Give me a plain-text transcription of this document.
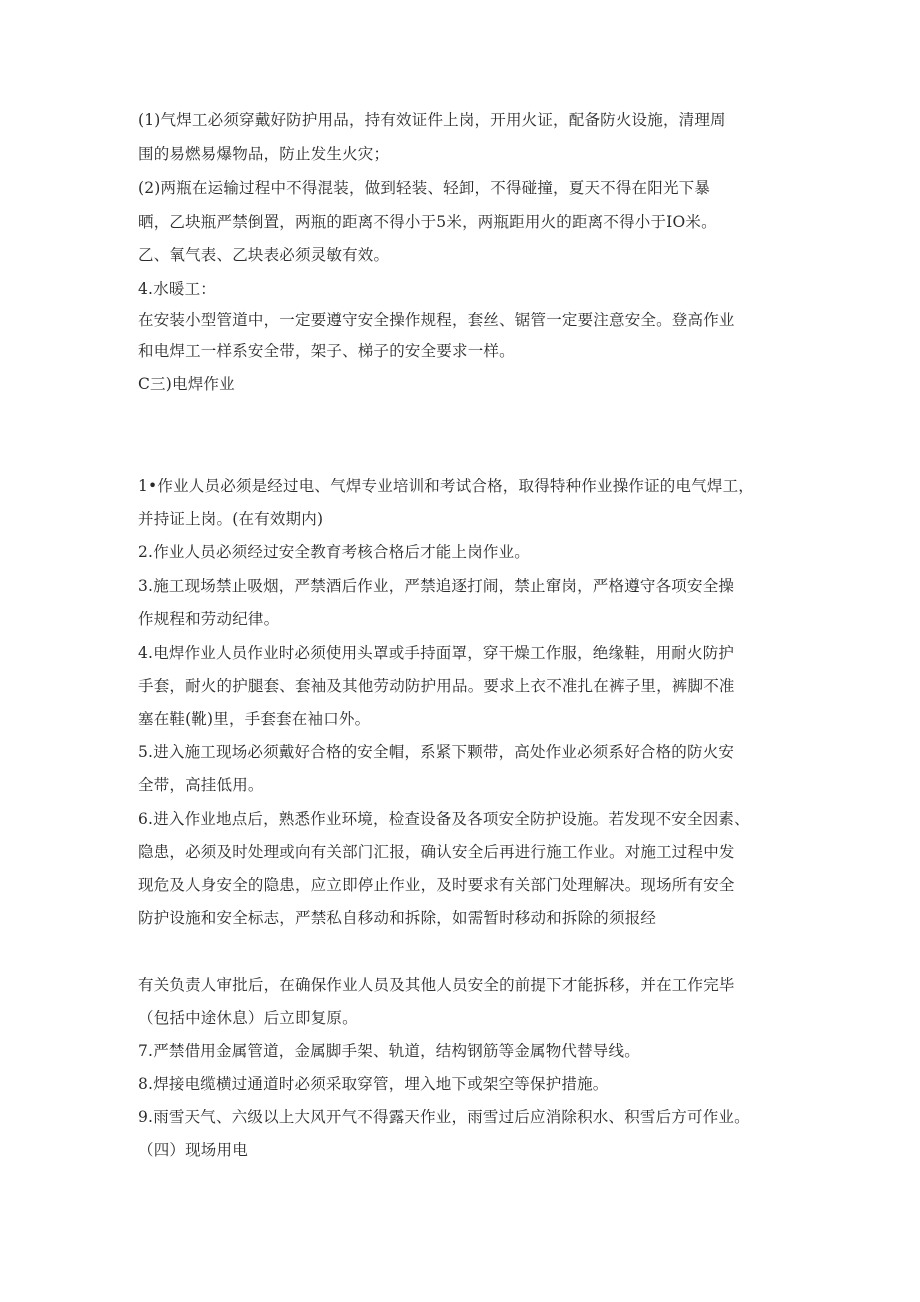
(1)气焊工必须穿戴好防护用品，持有效证件上岗，开用火证，配备防火设施，清理周
围的易燃易爆物品，防止发生火灾；
(2)两瓶在运输过程中不得混装，做到轻装、轻卸，不得碰撞，夏天不得在阳光下暴
晒，乙块瓶严禁倒置，两瓶的距离不得小于5米，两瓶距用火的距离不得小于IO米。
乙、氧气表、乙块表必须灵敏有效。
4.水暖工：
在安装小型管道中，一定要遵守安全操作规程，套丝、锯管一定要注意安全。登高作业
和电焊工一样系安全带，架子、梯子的安全要求一样。
C三)电焊作业
1•作业人员必须是经过电、气焊专业培训和考试合格，取得特种作业操作证的电气焊工，
并持证上岗。(在有效期内)
2.作业人员必须经过安全教育考核合格后才能上岗作业。
3.施工现场禁止吸烟，严禁酒后作业，严禁追逐打闹，禁止窜岗，严格遵守各项安全操
作规程和劳动纪律。
4.电焊作业人员作业时必须使用头罩或手持面罩，穿干燥工作服，绝缘鞋，用耐火防护
手套，耐火的护腿套、套袖及其他劳动防护用品。要求上衣不准扎在裤子里，裤脚不准
塞在鞋(靴)里，手套套在袖口外。
5.进入施工现场必须戴好合格的安全帽，系紧下颗带，高处作业必须系好合格的防火安
全带，高挂低用。
6.进入作业地点后，熟悉作业环境，检查设备及各项安全防护设施。若发现不安全因素、
隐患，必须及时处理或向有关部门汇报，确认安全后再进行施工作业。对施工过程中发
现危及人身安全的隐患，应立即停止作业，及时要求有关部门处理解决。现场所有安全
防护设施和安全标志，严禁私自移动和拆除，如需暂时移动和拆除的须报经
有关负责人审批后，在确保作业人员及其他人员安全的前提下才能拆移，并在工作完毕
（包括中途休息）后立即复原。
7.严禁借用金属管道，金属脚手架、轨道，结构钢筋等金属物代替导线。
8.焊接电缆横过通道时必须采取穿管，埋入地下或架空等保护措施。
9.雨雪天气、六级以上大风开气不得露天作业，雨雪过后应消除积水、积雪后方可作业。
（四）现场用电
